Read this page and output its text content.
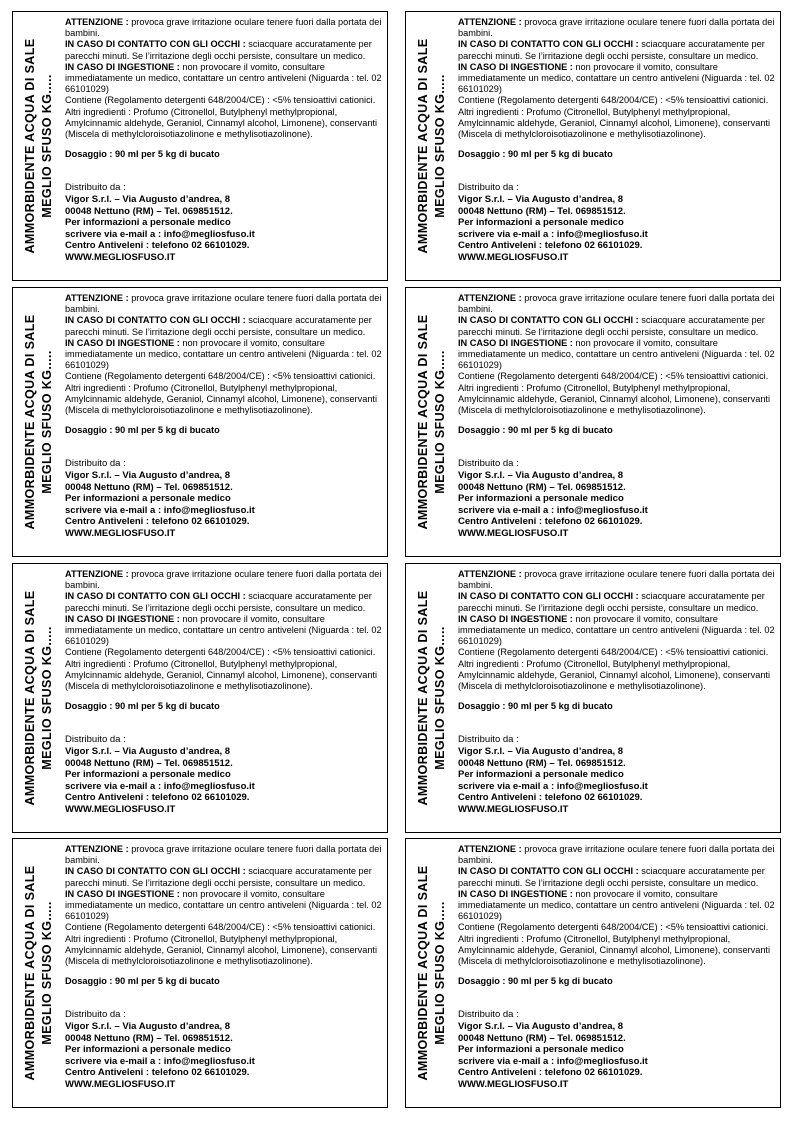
AMMORBIDENTE ACQUA DI SALE MEGLIO SFUSO KG.....

ATTENZIONE : provoca grave irritazione oculare tenere fuori dalla portata dei bambini.

IN CASO DI CONTATTO CON GLI OCCHI : sciacquare accuratamente per parecchi minuti. Se l’irritazione degli occhi persiste, consultare un medico.

IN CASO DI INGESTIONE : non provocare il vomito, consultare immediatamente un medico, contattare un centro antiveleni (Niguarda : tel. 02 66101029)

Contiene (Regolamento detergenti 648/2004/CE) : <5% tensioattivi cationici. Altri ingredienti : Profumo (Citronellol, Butylphenyl methylpropional, Amylcinnamic aldehyde, Geraniol, Cinnamyl alcohol, Limonene), conservanti (Miscela di methylcloroisotiazolinone e methylisotiazolinone).

Dosaggio : 90 ml per 5 kg di bucato

Distribuito da :

Vigor S.r.l. – Via Augusto d’andrea, 8

00048 Nettuno (RM) – Tel. 069851512.

Per informazioni a personale medico

scrivere via e-mail a : info@megliosfuso.it

Centro Antiveleni : telefono 02 66101029.

WWW.MEGLIOSFUSO.IT

AMMORBIDENTE ACQUA DI SALE MEGLIO SFUSO KG.....

ATTENZIONE : provoca grave irritazione oculare tenere fuori dalla portata dei bambini.

IN CASO DI CONTATTO CON GLI OCCHI : sciacquare accuratamente per parecchi minuti. Se l’irritazione degli occhi persiste, consultare un medico.

IN CASO DI INGESTIONE : non provocare il vomito, consultare immediatamente un medico, contattare un centro antiveleni (Niguarda : tel. 02 66101029)

Contiene (Regolamento detergenti 648/2004/CE) : <5% tensioattivi cationici. Altri ingredienti : Profumo (Citronellol, Butylphenyl methylpropional, Amylcinnamic aldehyde, Geraniol, Cinnamyl alcohol, Limonene), conservanti (Miscela di methylcloroisotiazolinone e methylisotiazolinone).

Dosaggio : 90 ml per 5 kg di bucato

Distribuito da :

Vigor S.r.l. – Via Augusto d’andrea, 8

00048 Nettuno (RM) – Tel. 069851512.

Per informazioni a personale medico

scrivere via e-mail a : info@megliosfuso.it

Centro Antiveleni : telefono 02 66101029.

WWW.MEGLIOSFUSO.IT

AMMORBIDENTE ACQUA DI SALE MEGLIO SFUSO KG.....

ATTENZIONE : provoca grave irritazione oculare tenere fuori dalla portata dei bambini.

IN CASO DI CONTATTO CON GLI OCCHI : sciacquare accuratamente per parecchi minuti. Se l’irritazione degli occhi persiste, consultare un medico.

IN CASO DI INGESTIONE : non provocare il vomito, consultare immediatamente un medico, contattare un centro antiveleni (Niguarda : tel. 02 66101029)

Contiene (Regolamento detergenti 648/2004/CE) : <5% tensioattivi cationici. Altri ingredienti : Profumo (Citronellol, Butylphenyl methylpropional, Amylcinnamic aldehyde, Geraniol, Cinnamyl alcohol, Limonene), conservanti (Miscela di methylcloroisotiazolinone e methylisotiazolinone).

Dosaggio : 90 ml per 5 kg di bucato

Distribuito da :

Vigor S.r.l. – Via Augusto d’andrea, 8

00048 Nettuno (RM) – Tel. 069851512.

Per informazioni a personale medico

scrivere via e-mail a : info@megliosfuso.it

Centro Antiveleni : telefono 02 66101029.

WWW.MEGLIOSFUSO.IT

AMMORBIDENTE ACQUA DI SALE MEGLIO SFUSO KG.....

ATTENZIONE : provoca grave irritazione oculare tenere fuori dalla portata dei bambini.

IN CASO DI CONTATTO CON GLI OCCHI : sciacquare accuratamente per parecchi minuti. Se l’irritazione degli occhi persiste, consultare un medico.

IN CASO DI INGESTIONE : non provocare il vomito, consultare immediatamente un medico, contattare un centro antiveleni (Niguarda : tel. 02 66101029)

Contiene (Regolamento detergenti 648/2004/CE) : <5% tensioattivi cationici. Altri ingredienti : Profumo (Citronellol, Butylphenyl methylpropional, Amylcinnamic aldehyde, Geraniol, Cinnamyl alcohol, Limonene), conservanti (Miscela di methylcloroisotiazolinone e methylisotiazolinone).

Dosaggio : 90 ml per 5 kg di bucato

Distribuito da :

Vigor S.r.l. – Via Augusto d’andrea, 8

00048 Nettuno (RM) – Tel. 069851512.

Per informazioni a personale medico

scrivere via e-mail a : info@megliosfuso.it

Centro Antiveleni : telefono 02 66101029.

WWW.MEGLIOSFUSO.IT

AMMORBIDENTE ACQUA DI SALE MEGLIO SFUSO KG.....

ATTENZIONE : provoca grave irritazione oculare tenere fuori dalla portata dei bambini.

IN CASO DI CONTATTO CON GLI OCCHI : sciacquare accuratamente per parecchi minuti. Se l’irritazione degli occhi persiste, consultare un medico.

IN CASO DI INGESTIONE : non provocare il vomito, consultare immediatamente un medico, contattare un centro antiveleni (Niguarda : tel. 02 66101029)

Contiene (Regolamento detergenti 648/2004/CE) : <5% tensioattivi cationici. Altri ingredienti : Profumo (Citronellol, Butylphenyl methylpropional, Amylcinnamic aldehyde, Geraniol, Cinnamyl alcohol, Limonene), conservanti (Miscela di methylcloroisotiazolinone e methylisotiazolinone).

Dosaggio : 90 ml per 5 kg di bucato

Distribuito da :

Vigor S.r.l. – Via Augusto d’andrea, 8

00048 Nettuno (RM) – Tel. 069851512.

Per informazioni a personale medico

scrivere via e-mail a : info@megliosfuso.it

Centro Antiveleni : telefono 02 66101029.

WWW.MEGLIOSFUSO.IT

AMMORBIDENTE ACQUA DI SALE MEGLIO SFUSO KG.....

ATTENZIONE : provoca grave irritazione oculare tenere fuori dalla portata dei bambini.

IN CASO DI CONTATTO CON GLI OCCHI : sciacquare accuratamente per parecchi minuti. Se l’irritazione degli occhi persiste, consultare un medico.

IN CASO DI INGESTIONE : non provocare il vomito, consultare immediatamente un medico, contattare un centro antiveleni (Niguarda : tel. 02 66101029)

Contiene (Regolamento detergenti 648/2004/CE) : <5% tensioattivi cationici. Altri ingredienti : Profumo (Citronellol, Butylphenyl methylpropional, Amylcinnamic aldehyde, Geraniol, Cinnamyl alcohol, Limonene), conservanti (Miscela di methylcloroisotiazolinone e methylisotiazolinone).

Dosaggio : 90 ml per 5 kg di bucato

Distribuito da :

Vigor S.r.l. – Via Augusto d’andrea, 8

00048 Nettuno (RM) – Tel. 069851512.

Per informazioni a personale medico

scrivere via e-mail a : info@megliosfuso.it

Centro Antiveleni : telefono 02 66101029.

WWW.MEGLIOSFUSO.IT

AMMORBIDENTE ACQUA DI SALE MEGLIO SFUSO KG.....

ATTENZIONE : provoca grave irritazione oculare tenere fuori dalla portata dei bambini.

IN CASO DI CONTATTO CON GLI OCCHI : sciacquare accuratamente per parecchi minuti. Se l’irritazione degli occhi persiste, consultare un medico.

IN CASO DI INGESTIONE : non provocare il vomito, consultare immediatamente un medico, contattare un centro antiveleni (Niguarda : tel. 02 66101029)

Contiene (Regolamento detergenti 648/2004/CE) : <5% tensioattivi cationici. Altri ingredienti : Profumo (Citronellol, Butylphenyl methylpropional, Amylcinnamic aldehyde, Geraniol, Cinnamyl alcohol, Limonene), conservanti (Miscela di methylcloroisotiazolinone e methylisotiazolinone).

Dosaggio : 90 ml per 5 kg di bucato

Distribuito da :

Vigor S.r.l. – Via Augusto d’andrea, 8

00048 Nettuno (RM) – Tel. 069851512.

Per informazioni a personale medico

scrivere via e-mail a : info@megliosfuso.it

Centro Antiveleni : telefono 02 66101029.

WWW.MEGLIOSFUSO.IT

AMMORBIDENTE ACQUA DI SALE MEGLIO SFUSO KG.....

ATTENZIONE : provoca grave irritazione oculare tenere fuori dalla portata dei bambini.

IN CASO DI CONTATTO CON GLI OCCHI : sciacquare accuratamente per parecchi minuti. Se l’irritazione degli occhi persiste, consultare un medico.

IN CASO DI INGESTIONE : non provocare il vomito, consultare immediatamente un medico, contattare un centro antiveleni (Niguarda : tel. 02 66101029)

Contiene (Regolamento detergenti 648/2004/CE) : <5% tensioattivi cationici. Altri ingredienti : Profumo (Citronellol, Butylphenyl methylpropional, Amylcinnamic aldehyde, Geraniol, Cinnamyl alcohol, Limonene), conservanti (Miscela di methylcloroisotiazolinone e methylisotiazolinone).

Dosaggio : 90 ml per 5 kg di bucato

Distribuito da :

Vigor S.r.l. – Via Augusto d’andrea, 8

00048 Nettuno (RM) – Tel. 069851512.

Per informazioni a personale medico

scrivere via e-mail a : info@megliosfuso.it

Centro Antiveleni : telefono 02 66101029.

WWW.MEGLIOSFUSO.IT
